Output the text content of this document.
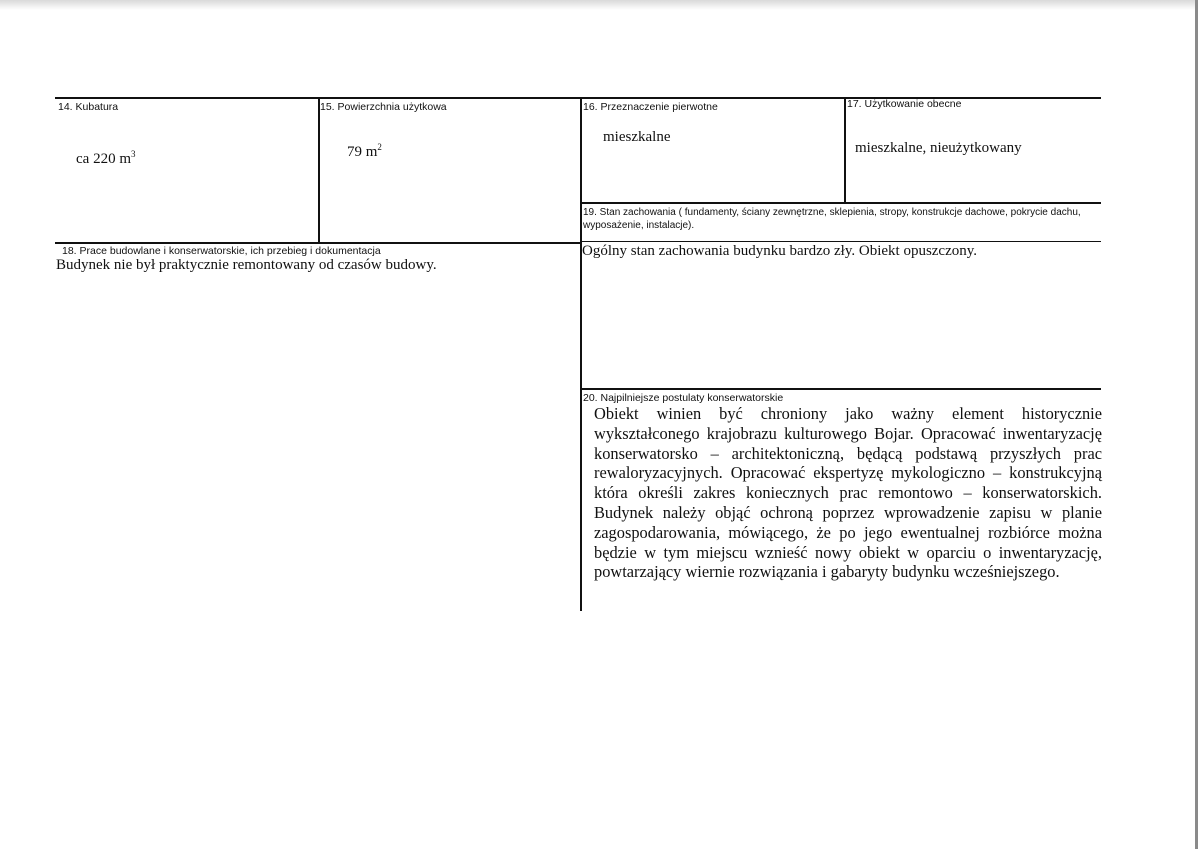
14. Kubatura
ca 220 $m^3$
15. Powierzchnia użytkowa
79 $m^2$
16. Przeznaczenie pierwotne
mieszkalne
17. Użytkowanie obecne
mieszkalne, nieużytkowany
19. Stan zachowania ( fundamenty, ściany zewnętrzne, sklepienia, stropy, konstrukcje dachowe, pokrycie dachu,
wyposażenie, instalacje).
Ogólny stan zachowania budynku bardzo zły. Obiekt opuszczony.
18. Prace budowlane i konserwatorskie, ich przebieg i dokumentacja
Budynek nie był praktycznie remontowany od czasów budowy.
20. Najpilniejsze postulaty konserwatorskie
Obiekt winien być chroniony jako ważny element historycznie wykształconego krajobrazu kulturowego Bojar. Opracować inwentaryzację konserwatorsko – architektoniczną, będącą podstawą przyszłych prac rewaloryzacyjnych. Opracować ekspertyzę mykologiczno – konstrukcyjną która określi zakres koniecznych prac remontowo – konserwatorskich. Budynek należy objąć ochroną poprzez wprowadzenie zapisu w planie zagospodarowania, mówiącego, że po jego ewentualnej rozbiórce można będzie w tym miejscu wznieść nowy obiekt w oparciu o inwentaryzację, powtarzający wiernie rozwiązania i gabaryty budynku wcześniejszego.
